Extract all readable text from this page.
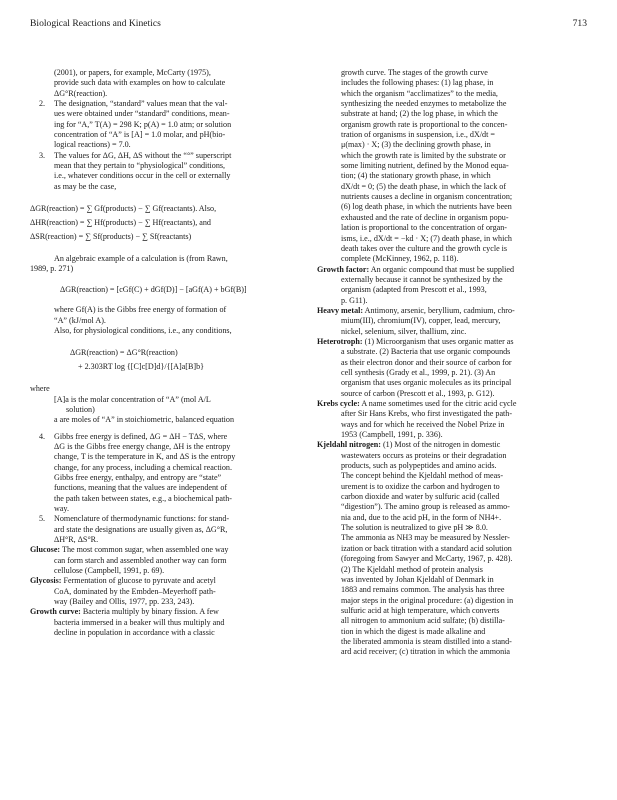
Biological Reactions and Kinetics	713
(2001), or papers, for example, McCarty (1975),
provide such data with examples on how to calculate
ΔG°R(reaction).
2. The designation, “standard” values mean that the val-
ues were obtained under “standard” conditions, mean-
ing for “A,” T(A) = 298 K; p(A) = 1.0 atm; or solution
concentration of “A” is [A] = 1.0 molar, and pH(bio-
logical reactions) = 7.0.
3. The values for ΔG, ΔH, ΔS without the “°” superscript
mean that they pertain to “physiological” conditions,
i.e., whatever conditions occur in the cell or externally
as may be the case,
ΔGR(reaction) = ∑ Gf(products) − ∑ Gf(reactants). Also,
ΔHR(reaction) = ∑ Hf(products) − ∑ Hf(reactants), and
ΔSR(reaction) = ∑ Sf(products) − ∑ Sf(reactants)
An algebraic example of a calculation is (from Rawn,
1989, p. 271)
ΔGR(reaction) = [cGf(C) + dGf(D)] − [aGf(A) + bGf(B)]
where Gf(A) is the Gibbs free energy of formation of
“A” (kJ/mol A).
Also, for physiological conditions, i.e., any conditions,
ΔGR(reaction) = ΔG°R(reaction)
+ 2.303RT log {[C]c[D]d}/{[A]a[B]b}
where
[A]a is the molar concentration of “A” (mol A/L
solution)
a are moles of “A” in stoichiometric, balanced equation
4. Gibbs free energy is defined, ΔG = ΔH − TΔS, where
ΔG is the Gibbs free energy change, ΔH is the entropy
change, T is the temperature in K, and ΔS is the entropy
change, for any process, including a chemical reaction.
Gibbs free energy, enthalpy, and entropy are “state”
functions, meaning that the values are independent of
the path taken between states, e.g., a biochemical path-
way.
5. Nomenclature of thermodynamic functions: for stand-
ard state the designations are usually given as, ΔG°R,
ΔH°R, ΔS°R.
Glucose: The most common sugar, when assembled one way
can form starch and assembled another way can form
cellulose (Campbell, 1991, p. 69).
Glycosis: Fermentation of glucose to pyruvate and acetyl
CoA, dominated by the Embden–Meyerhoff path-
way (Bailey and Ollis, 1977, pp. 233, 243).
Growth curve: Bacteria multiply by binary fission. A few
bacteria immersed in a beaker will thus multiply and
decline in population in accordance with a classic
growth curve. The stages of the growth curve
includes the following phases: (1) lag phase, in
which the organism “acclimatizes” to the media,
synthesizing the needed enzymes to metabolize the
substrate at hand; (2) the log phase, in which the
organism growth rate is proportional to the concen-
tration of organisms in suspension, i.e., dX/dt =
μ(max) · X; (3) the declining growth phase, in
which the growth rate is limited by the substrate or
some limiting nutrient, defined by the Monod equa-
tion; (4) the stationary growth phase, in which
dX/dt = 0; (5) the death phase, in which the lack of
nutrients causes a decline in organism concentration;
(6) log death phase, in which the nutrients have been
exhausted and the rate of decline in organism popu-
lation is proportional to the concentration of organ-
isms, i.e., dX/dt = −kd · X; (7) death phase, in which
death takes over the culture and the growth cycle is
complete (McKinney, 1962, p. 118).
Growth factor: An organic compound that must be supplied
externally because it cannot be synthesized by the
organism (adapted from Prescott et al., 1993,
p. G11).
Heavy metal: Antimony, arsenic, beryllium, cadmium, chro-
mium(III), chromium(IV), copper, lead, mercury,
nickel, selenium, silver, thallium, zinc.
Heterotroph: (1) Microorganism that uses organic matter as
a substrate. (2) Bacteria that use organic compounds
as their electron donor and their source of carbon for
cell synthesis (Grady et al., 1999, p. 21). (3) An
organism that uses organic molecules as its principal
source of carbon (Prescott et al., 1993, p. G12).
Krebs cycle: A name sometimes used for the citric acid cycle
after Sir Hans Krebs, who first investigated the path-
ways and for which he received the Nobel Prize in
1953 (Campbell, 1991, p. 336).
Kjeldahl nitrogen: (1) Most of the nitrogen in domestic
wastewaters occurs as proteins or their degradation
products, such as polypeptides and amino acids.
The concept behind the Kjeldahl method of meas-
urement is to oxidize the carbon and hydrogen to
carbon dioxide and water by sulfuric acid (called
“digestion”). The amino group is released as ammo-
nia and, due to the acid pH, in the form of NH4+.
The solution is neutralized to give pH ≫ 8.0.
The ammonia as NH3 may be measured by Nessler-
ization or back titration with a standard acid solution
(foregoing from Sawyer and McCarty, 1967, p. 428).
(2) The Kjeldahl method of protein analysis
was invented by Johan Kjeldahl of Denmark in
1883 and remains common. The analysis has three
major steps in the original procedure: (a) digestion in
sulfuric acid at high temperature, which converts
all nitrogen to ammonium acid sulfate; (b) distilla-
tion in which the digest is made alkaline and
the liberated ammonia is steam distilled into a stand-
ard acid receiver; (c) titration in which the ammonia
